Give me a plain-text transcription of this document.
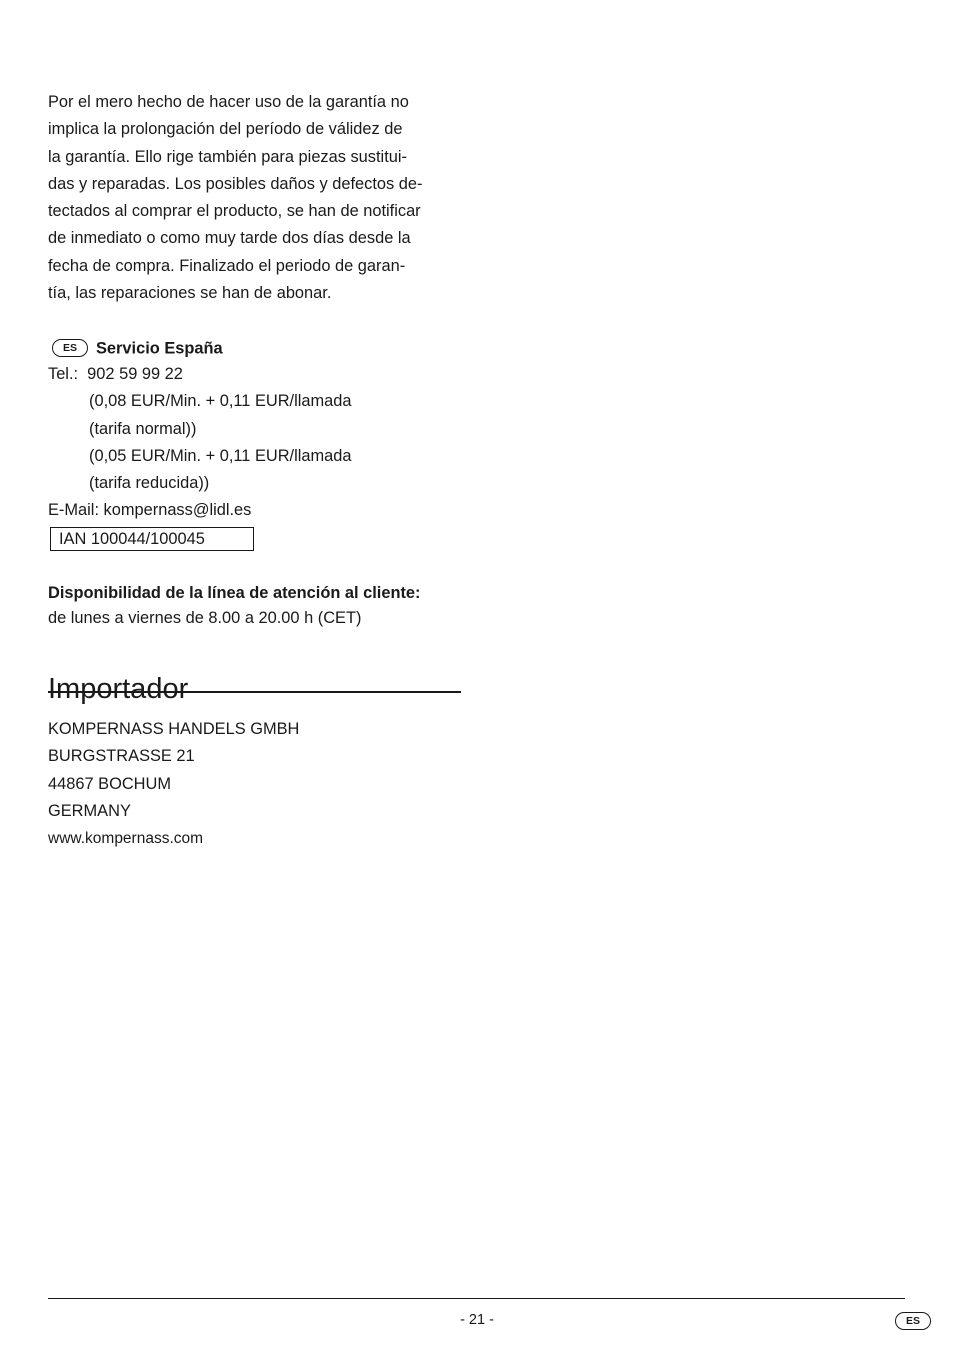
Por el mero hecho de hacer uso de la garantía no
implica la prolongación del período de válidez de
la garantía. Ello rige también para piezas sustitui-
das y reparadas. Los posibles daños y defectos de-
tectados al comprar el producto, se han de notificar
de inmediato o como muy tarde dos días desde la
fecha de compra. Finalizado el periodo de garan-
tía, las reparaciones se han de abonar.
ES Servicio España
Tel.: 902 59 99 22
(0,08 EUR/Min. + 0,11 EUR/llamada
(tarifa normal))
(0,05 EUR/Min. + 0,11 EUR/llamada
(tarifa reducida))
E-Mail: kompernass@lidl.es
IAN 100044/100045
Disponibilidad de la línea de atención al cliente:
de lunes a viernes de 8.00 a 20.00 h (CET)
Importador
KOMPERNASS HANDELS GMBH
BURGSTRASSE 21
44867 BOCHUM
GERMANY
www.kompernass.com
- 21 -	ES
